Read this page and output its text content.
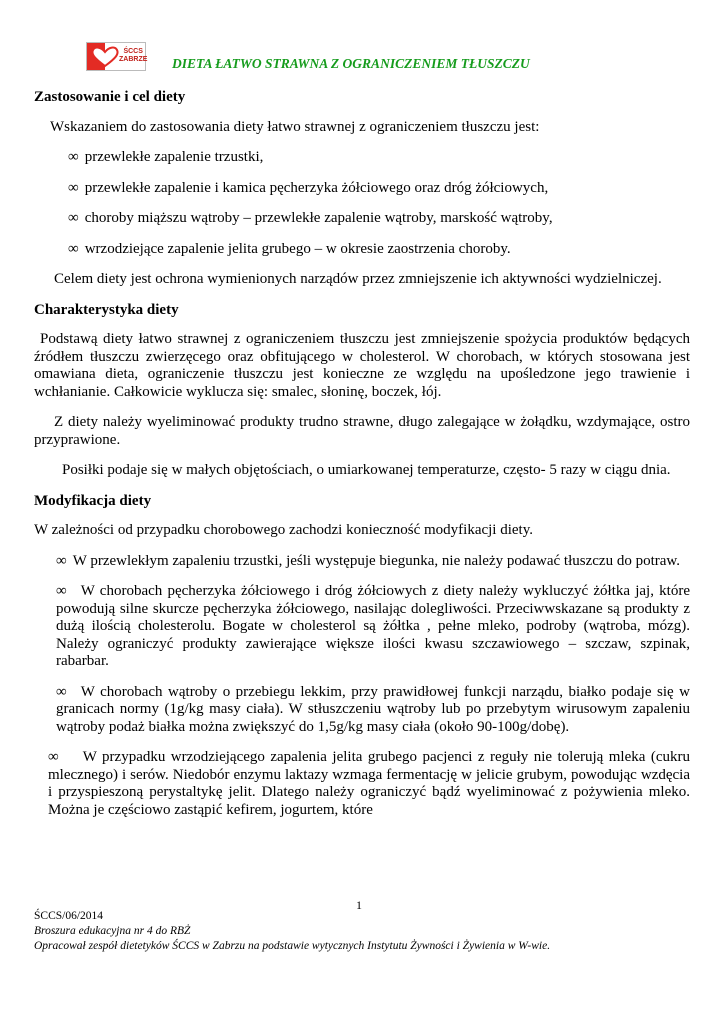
ŚCCS ZABRZE DIETA ŁATWO STRAWNA Z OGRANICZENIEM TŁUSZCZU
Zastosowanie i cel diety

Wskazaniem do zastosowania diety łatwo strawnej z ograniczeniem tłuszczu jest:

∞ przewlekłe zapalenie trzustki,
∞ przewlekłe zapalenie i kamica pęcherzyka żółciowego oraz dróg żółciowych,
∞ choroby miąższu wątroby – przewlekłe zapalenie wątroby, marskość wątroby,
∞ wrzodziejące zapalenie jelita grubego – w okresie zaostrzenia choroby.

Celem diety jest ochrona wymienionych narządów przez zmniejszenie ich aktywności wydzielniczej.

Charakterystyka diety

Podstawą diety łatwo strawnej z ograniczeniem tłuszczu jest zmniejszenie spożycia produktów będących źródłem tłuszczu zwierzęcego oraz obfitującego w cholesterol. W chorobach, w których stosowana jest omawiana dieta, ograniczenie tłuszczu jest konieczne ze względu na upośledzone jego trawienie i wchłanianie. Całkowicie wyklucza się: smalec, słoninę, boczek, łój.

Z diety należy wyeliminować produkty trudno strawne, długo zalegające w żołądku, wzdymające, ostro przyprawione.

Posiłki podaje się w małych objętościach, o umiarkowanej temperaturze, często- 5 razy w ciągu dnia.

Modyfikacja diety

W zależności od przypadku chorobowego zachodzi konieczność modyfikacji diety.

∞ W przewlekłym zapaleniu trzustki, jeśli występuje biegunka, nie należy podawać tłuszczu do potraw.
∞ W chorobach pęcherzyka żółciowego i dróg żółciowych z diety należy wykluczyć żółtka jaj, które powodują silne skurcze pęcherzyka żółciowego, nasilając dolegliwości. Przeciwwskazane są produkty z dużą ilością cholesterolu. Bogate w cholesterol są żółtka , pełne mleko, podroby (wątroba, mózg). Należy ograniczyć produkty zawierające większe ilości kwasu szczawiowego – szczaw, szpinak, rabarbar.
∞ W chorobach wątroby o przebiegu lekkim, przy prawidłowej funkcji narządu, białko podaje się w granicach normy (1g/kg masy ciała). W stłuszczeniu wątroby lub po przebytym wirusowym zapaleniu wątroby podaż białka można zwiększyć do 1,5g/kg masy ciała (około 90-100g/dobę).
∞ W przypadku wrzodziejącego zapalenia jelita grubego pacjenci z reguły nie tolerują mleka (cukru mlecznego) i serów. Niedobór enzymu laktazy wzmaga fermentację w jelicie grubym, powodując wzdęcia i przyspieszoną perystaltykę jelit. Dlatego należy ograniczyć bądź wyeliminować z pożywienia mleko. Można je częściowo zastąpić kefirem, jogurtem, które
1
ŚCCS/06/2014
Broszura edukacyjna nr 4 do RBŻ
Opracował zespół dietetyków ŚCCS w Zabrzu na podstawie wytycznych Instytutu Żywności i Żywienia w W-wie.
